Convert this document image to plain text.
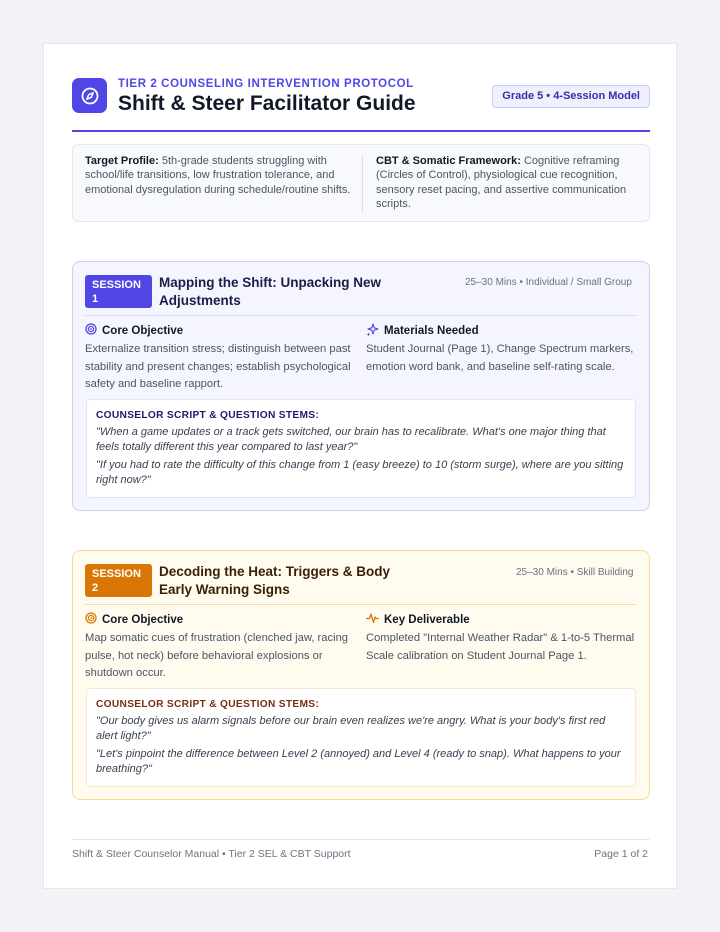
TIER 2 COUNSELING INTERVENTION PROTOCOL
Shift & Steer Facilitator Guide	Grade 5 • 4-Session Model
Target Profile: 5th-grade students struggling with school/life transitions, low frustration tolerance, and emotional dysregulation during schedule/routine shifts.
CBT & Somatic Framework: Cognitive reframing (Circles of Control), physiological cue recognition, sensory reset pacing, and assertive communication scripts.
SESSION 1
Mapping the Shift: Unpacking New Adjustments
25–30 Mins • Individual / Small Group
Core Objective
Externalize transition stress; distinguish between past stability and present changes; establish psychological safety and baseline rapport.
Materials Needed
Student Journal (Page 1), Change Spectrum markers, emotion word bank, and baseline self-rating scale.
COUNSELOR SCRIPT & QUESTION STEMS:
"When a game updates or a track gets switched, our brain has to recalibrate. What's one major thing that feels totally different this year compared to last year?"
"If you had to rate the difficulty of this change from 1 (easy breeze) to 10 (storm surge), where are you sitting right now?"
SESSION 2
Decoding the Heat: Triggers & Body Early Warning Signs
25–30 Mins • Skill Building
Core Objective
Map somatic cues of frustration (clenched jaw, racing pulse, hot neck) before behavioral explosions or shutdown occur.
Key Deliverable
Completed "Internal Weather Radar" & 1-to-5 Thermal Scale calibration on Student Journal Page 1.
COUNSELOR SCRIPT & QUESTION STEMS:
"Our body gives us alarm signals before our brain even realizes we're angry. What is your body's first red alert light?"
"Let's pinpoint the difference between Level 2 (annoyed) and Level 4 (ready to snap). What happens to your breathing?"
Shift & Steer Counselor Manual • Tier 2 SEL & CBT Support	Page 1 of 2
